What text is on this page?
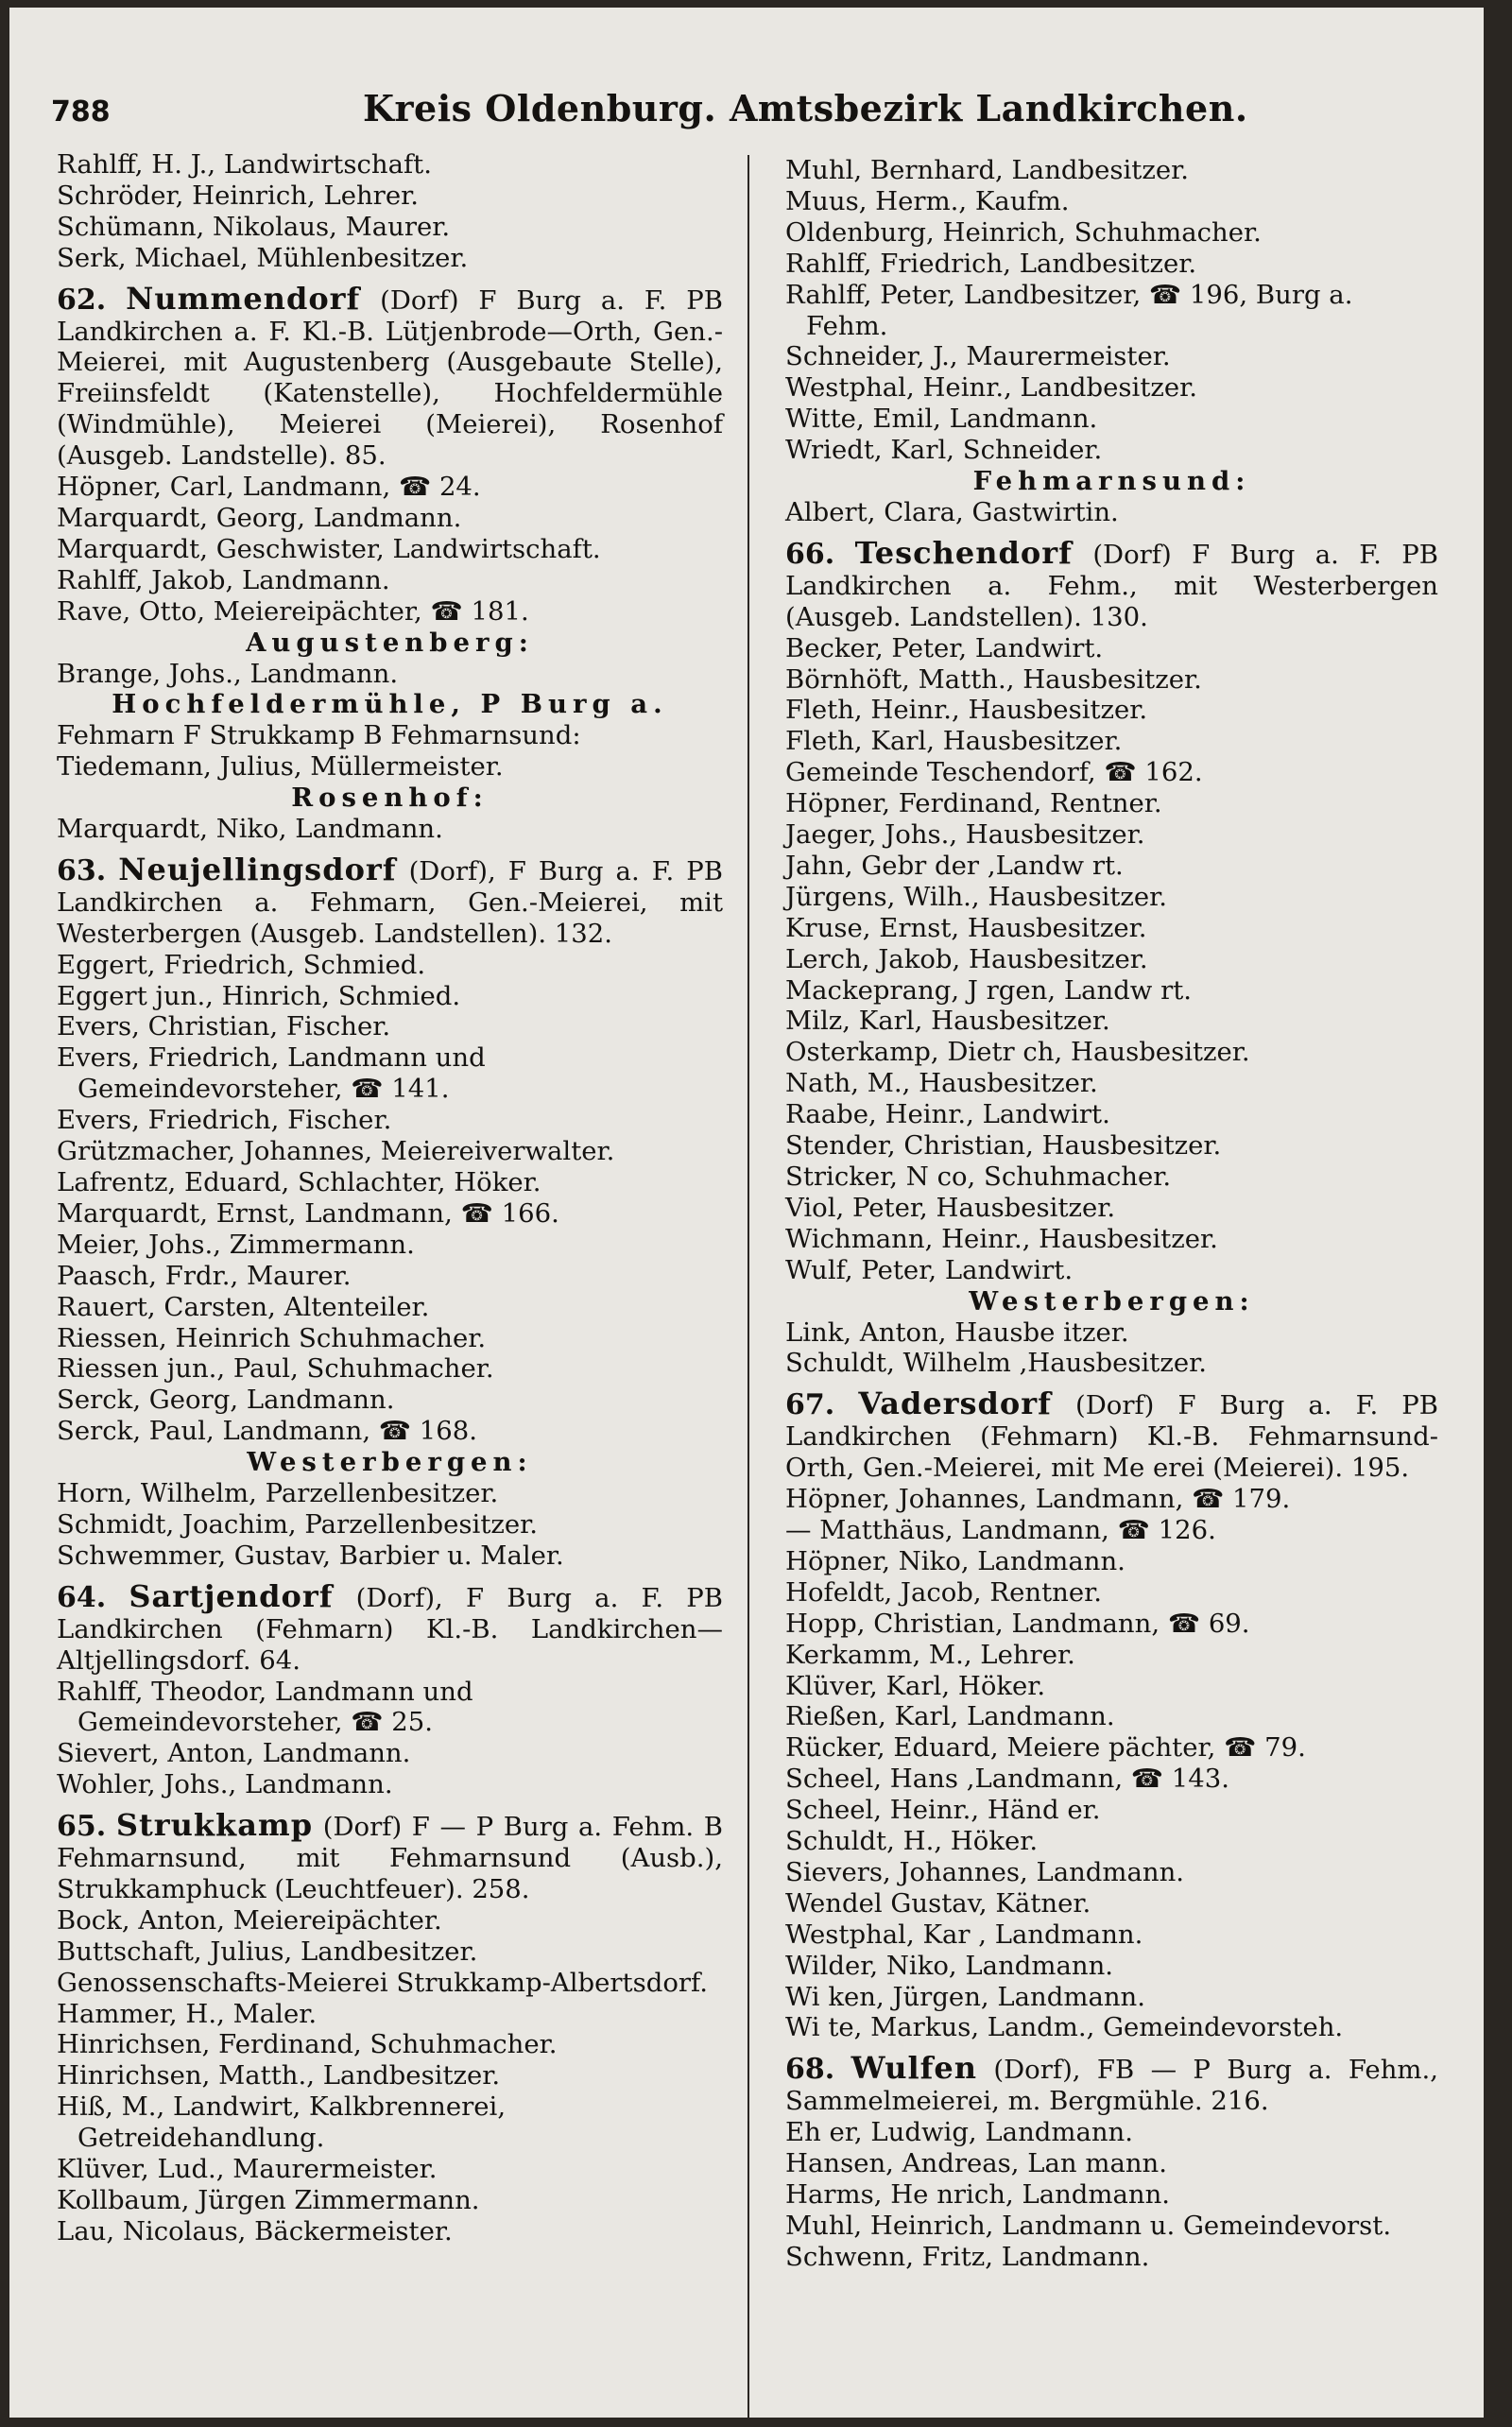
788	Kreis Oldenburg. Amtsbezirk Landkirchen.
Rahlff, H. J., Landwirtschaft.
Schröder, Heinrich, Lehrer.
Schümann, Nikolaus, Maurer.
Serk, Michael, Mühlenbesitzer.
62. Nummendorf (Dorf) F Burg a. F. PB Landkirchen a. F. Kl.-B. Lütjenbrode—Orth, Gen.-Meierei, mit Augustenberg (Ausgebaute Stelle), Freiinsfeldt (Katenstelle), Hochfeldermühle (Windmühle), Meierei (Meierei), Rosenhof (Ausgeb. Landstelle). 85.
Höpner, Carl, Landmann, ☎ 24.
Marquardt, Georg, Landmann.
Marquardt, Geschwister, Landwirtschaft.
Rahlff, Jakob, Landmann.
Rave, Otto, Meiereipächter, ☎ 181.
Augustenberg:
Brange, Johs., Landmann.
Hochfeldermühle, P Burg a.
Fehmarn F Strukkamp B Fehmarnsund:
Tiedemann, Julius, Müllermeister.
Rosenhof:
Marquardt, Niko, Landmann.
63. Neujellingsdorf (Dorf), F Burg a. F. PB Landkirchen a. Fehmarn, Gen.-Meierei, mit Westerbergen (Ausgeb. Landstellen). 132.
Eggert, Friedrich, Schmied.
Eggert jun., Hinrich, Schmied.
Evers, Christian, Fischer.
Evers, Friedrich, Landmann und Gemeindevorsteher, ☎ 141.
Evers, Friedrich, Fischer.
Grützmacher, Johannes, Meiereiverwalter.
Lafrentz, Eduard, Schlachter, Höker.
Marquardt, Ernst, Landmann, ☎ 166.
Meier, Johs., Zimmermann.
Paasch, Frdr., Maurer.
Rauert, Carsten, Altenteiler.
Riessen, Heinrich Schuhmacher.
Riessen jun., Paul, Schuhmacher.
Serck, Georg, Landmann.
Serck, Paul, Landmann, ☎ 168.
Westerbergen:
Horn, Wilhelm, Parzellenbesitzer.
Schmidt, Joachim, Parzellenbesitzer.
Schwemmer, Gustav, Barbier u. Maler.
64. Sartjendorf (Dorf), F Burg a. F. PB Landkirchen (Fehmarn) Kl.-B. Landkirchen—Altjellingsdorf. 64.
Rahlff, Theodor, Landmann und Gemeindevorsteher, ☎ 25.
Sievert, Anton, Landmann.
Wohler, Johs., Landmann.
65. Strukkamp (Dorf) F — P Burg a. Fehm. B Fehmarnsund, mit Fehmarnsund (Ausb.), Strukkamphuck (Leuchtfeuer). 258.
Bock, Anton, Meiereipächter.
Buttschaft, Julius, Landbesitzer.
Genossenschafts-Meierei Strukkamp-Albertsdorf.
Hammer, H., Maler.
Hinrichsen, Ferdinand, Schuhmacher.
Hinrichsen, Matth., Landbesitzer.
Hiß, M., Landwirt, Kalkbrennerei, Getreidehandlung.
Klüver, Lud., Maurermeister.
Kollbaum, Jürgen Zimmermann.
Lau, Nicolaus, Bäckermeister.
Muhl, Bernhard, Landbesitzer.
Muus, Herm., Kaufm.
Oldenburg, Heinrich, Schuhmacher.
Rahlff, Friedrich, Landbesitzer.
Rahlff, Peter, Landbesitzer, ☎ 196, Burg a. Fehm.
Schneider, J., Maurermeister.
Westphal, Heinr., Landbesitzer.
Witte, Emil, Landmann.
Wriedt, Karl, Schneider.
Fehmarnsund:
Albert, Clara, Gastwirtin.
66. Teschendorf (Dorf) F Burg a. F. PB Landkirchen a. Fehm., mit Westerbergen (Ausgeb. Landstellen). 130.
Becker, Peter, Landwirt.
Börnhöft, Matth., Hausbesitzer.
Fleth, Heinr., Hausbesitzer.
Fleth, Karl, Hausbesitzer.
Gemeinde Teschendorf, ☎ 162.
Höpner, Ferdinand, Rentner.
Jaeger, Johs., Hausbesitzer.
Jahn, Gebr der ,Landw rt.
Jürgens, Wilh., Hausbesitzer.
Kruse, Ernst, Hausbesitzer.
Lerch, Jakob, Hausbesitzer.
Mackeprang, J rgen, Landw rt.
Milz, Karl, Hausbesitzer.
Osterkamp, Dietr ch, Hausbesitzer.
Nath, M., Hausbesitzer.
Raabe, Heinr., Landwirt.
Stender, Christian, Hausbesitzer.
Stricker, N co, Schuhmacher.
Viol, Peter, Hausbesitzer.
Wichmann, Heinr., Hausbesitzer.
Wulf, Peter, Landwirt.
Westerbergen:
Link, Anton, Hausbe itzer.
Schuldt, Wilhelm ,Hausbesitzer.
67. Vadersdorf (Dorf) F Burg a. F. PB Landkirchen (Fehmarn) Kl.-B. Fehmarnsund-Orth, Gen.-Meierei, mit Me erei (Meierei). 195.
Höpner, Johannes, Landmann, ☎ 179.
— Matthäus, Landmann, ☎ 126.
Höpner, Niko, Landmann.
Hofeldt, Jacob, Rentner.
Hopp, Christian, Landmann, ☎ 69.
Kerkamm, M., Lehrer.
Klüver, Karl, Höker.
Rießen, Karl, Landmann.
Rücker, Eduard, Meiere pächter, ☎ 79.
Scheel, Hans ,Landmann, ☎ 143.
Scheel, Heinr., Händ er.
Schuldt, H., Höker.
Sievers, Johannes, Landmann.
Wendel Gustav, Kätner.
Westphal, Kar , Landmann.
Wilder, Niko, Landmann.
Wi ken, Jürgen, Landmann.
Wi te, Markus, Landm., Gemeindevorsteh.
68. Wulfen (Dorf), FB — P Burg a. Fehm., Sammelmeierei, m. Bergmühle. 216.
Eh er, Ludwig, Landmann.
Hansen, Andreas, Lan mann.
Harms, He nrich, Landmann.
Muhl, Heinrich, Landmann u. Gemeindevorst.
Schwenn, Fritz, Landmann.
